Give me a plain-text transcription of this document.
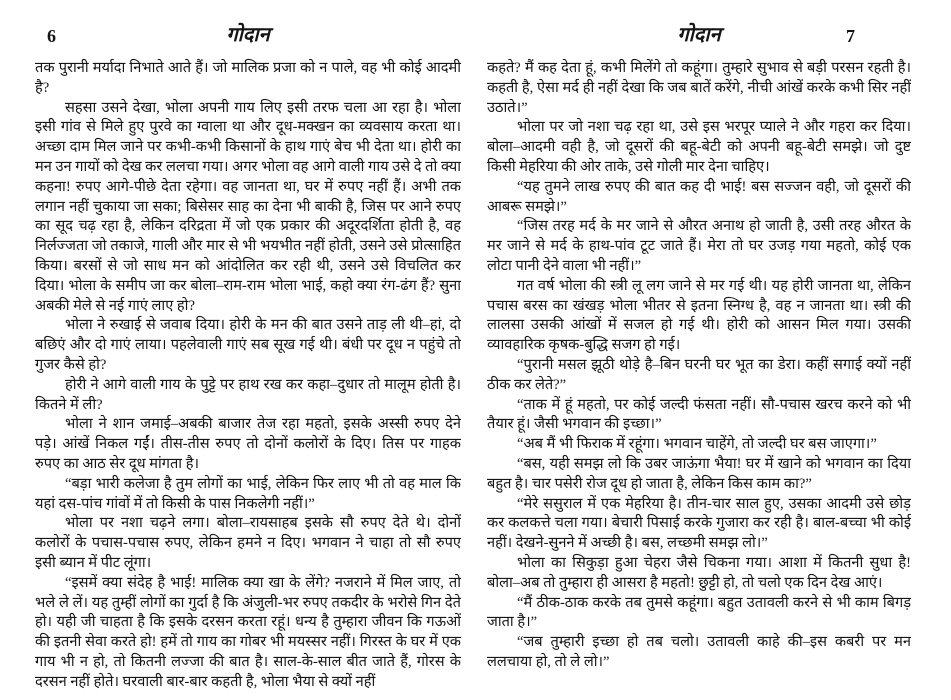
6	गोदान

तक पुरानी मर्यादा निभाते आते हैं। जो मालिक प्रजा को न पाले, वह भी कोई आदमी है?

सहसा उसने देखा, भोला अपनी गाय लिए इसी तरफ चला आ रहा है। भोला इसी गांव से मिले हुए पुरवे का ग्वाला था और दूध-मक्खन का व्यवसाय करता था। अच्छा दाम मिल जाने पर कभी-कभी किसानों के हाथ गाएं बेच भी देता था। होरी का मन उन गायों को देख कर ललचा गया। अगर भोला वह आगे वाली गाय उसे दे तो क्या कहना! रुपए आगे-पीछे देता रहेगा। वह जानता था, घर में रुपए नहीं हैं। अभी तक लगान नहीं चुकाया जा सका; बिसेसर साह का देना भी बाकी है, जिस पर आने रुपए का सूद चढ़ रहा है, लेकिन दरिद्रता में जो एक प्रकार की अदूरदर्शिता होती है, वह निर्लज्जता जो तकाजे, गाली और मार से भी भयभीत नहीं होती, उसने उसे प्रोत्साहित किया। बरसों से जो साध मन को आंदोलित कर रही थी, उसने उसे विचलित कर दिया। भोला के समीप जा कर बोला–राम-राम भोला भाई, कहो क्या रंग-ढंग हैं? सुना अबकी मेले से नई गाएं लाए हो?

भोला ने रुखाई से जवाब दिया। होरी के मन की बात उसने ताड़ ली थी–हां, दो बछिएं और दो गाएं लाया। पहलेवाली गाएं सब सूख गई थी। बंधी पर दूध न पहुंचे तो गुजर कैसे हो?

होरी ने आगे वाली गाय के पुट्टे पर हाथ रख कर कहा–दुधार तो मालूम होती है। कितने में ली?

भोला ने शान जमाई–अबकी बाजार तेज रहा महतो, इसके अस्सी रुपए देने पड़े। आंखें निकल गईं। तीस-तीस रुपए तो दोनों कलोरों के दिए। तिस पर गाहक रुपए का आठ सेर दूध मांगता है।

“बड़ा भारी कलेजा है तुम लोगों का भाई, लेकिन फिर लाए भी तो वह माल कि यहां दस-पांच गांवों में तो किसी के पास निकलेगी नहीं।”

भोला पर नशा चढ़ने लगा। बोला–रायसाहब इसके सौ रुपए देते थे। दोनों कलोरों के पचास-पचास रुपए, लेकिन हमने न दिए। भगवान ने चाहा तो सौ रुपए इसी ब्यान में पीट लूंगा।

“इसमें क्या संदेह है भाई! मालिक क्या खा के लेंगे? नजराने में मिल जाए, तो भले ले लें। यह तुम्हीं लोगों का गुर्दा है कि अंजुली-भर रुपए तकदीर के भरोसे गिन देते हो। यही जी चाहता है कि इसके दरसन करता रहूं। धन्य है तुम्हारा जीवन कि गऊओं की इतनी सेवा करते हो! हमें तो गाय का गोबर भी मयस्सर नहीं। गिरस्त के घर में एक गाय भी न हो, तो कितनी लज्जा की बात है। साल-के-साल बीत जाते हैं, गोरस के दरसन नहीं होते। घरवाली बार-बार कहती है, भोला भैया से क्यों नहीं

गोदान	7

कहते? मैं कह देता हूं, कभी मिलेंगे तो कहूंगा। तुम्हारे सुभाव से बड़ी परसन रहती है। कहती है, ऐसा मर्द ही नहीं देखा कि जब बातें करेंगे, नीची आंखें करके कभी सिर नहीं उठाते।”

भोला पर जो नशा चढ़ रहा था, उसे इस भरपूर प्याले ने और गहरा कर दिया। बोला–आदमी वही है, जो दूसरों की बहू-बेटी को अपनी बहू-बेटी समझे। जो दुष्ट किसी मेहरिया की ओर ताके, उसे गोली मार देना चाहिए।

“यह तुमने लाख रुपए की बात कह दी भाई! बस सज्जन वही, जो दूसरों की आबरू समझे।”

“जिस तरह मर्द के मर जाने से औरत अनाथ हो जाती है, उसी तरह औरत के मर जाने से मर्द के हाथ-पांव टूट जाते हैं। मेरा तो घर उजड़ गया महतो, कोई एक लोटा पानी देने वाला भी नहीं।”

गत वर्ष भोला की स्त्री लू लग जाने से मर गई थी। यह होरी जानता था, लेकिन पचास बरस का खंखड़ भोला भीतर से इतना स्निग्ध है, वह न जानता था। स्त्री की लालसा उसकी आंखों में सजल हो गई थी। होरी को आसन मिल गया। उसकी व्यावहारिक कृषक-बुद्धि सजग हो गई।

“पुरानी मसल झूठी थोड़े है–बिन घरनी घर भूत का डेरा। कहीं सगाई क्यों नहीं ठीक कर लेते?”

“ताक में हूं महतो, पर कोई जल्दी फंसता नहीं। सौ-पचास खरच करने को भी तैयार हूं। जैसी भगवान की इच्छा।”

“अब मैं भी फिराक में रहूंगा। भगवान चाहेंगे, तो जल्दी घर बस जाएगा।”

“बस, यही समझ लो कि उबर जाऊंगा भैया! घर में खाने को भगवान का दिया बहुत है। चार पसेरी रोज दूध हो जाता है, लेकिन किस काम का?”

“मेरे ससुराल में एक मेहरिया है। तीन-चार साल हुए, उसका आदमी उसे छोड़ कर कलकत्ते चला गया। बेचारी पिसाई करके गुजारा कर रही है। बाल-बच्चा भी कोई नहीं। देखने-सुनने में अच्छी है। बस, लच्छमी समझ लो।”

भोला का सिकुड़ा हुआ चेहरा जैसे चिकना गया। आशा में कितनी सुधा है! बोला–अब तो तुम्हारा ही आसरा है महतो! छुट्टी हो, तो चलो एक दिन देख आएं।

“मैं ठीक-ठाक करके तब तुमसे कहूंगा। बहुत उतावली करने से भी काम बिगड़ जाता है।”

“जब तुम्हारी इच्छा हो तब चलो। उतावली काहे की–इस कबरी पर मन ललचाया हो, तो ले लो।”
